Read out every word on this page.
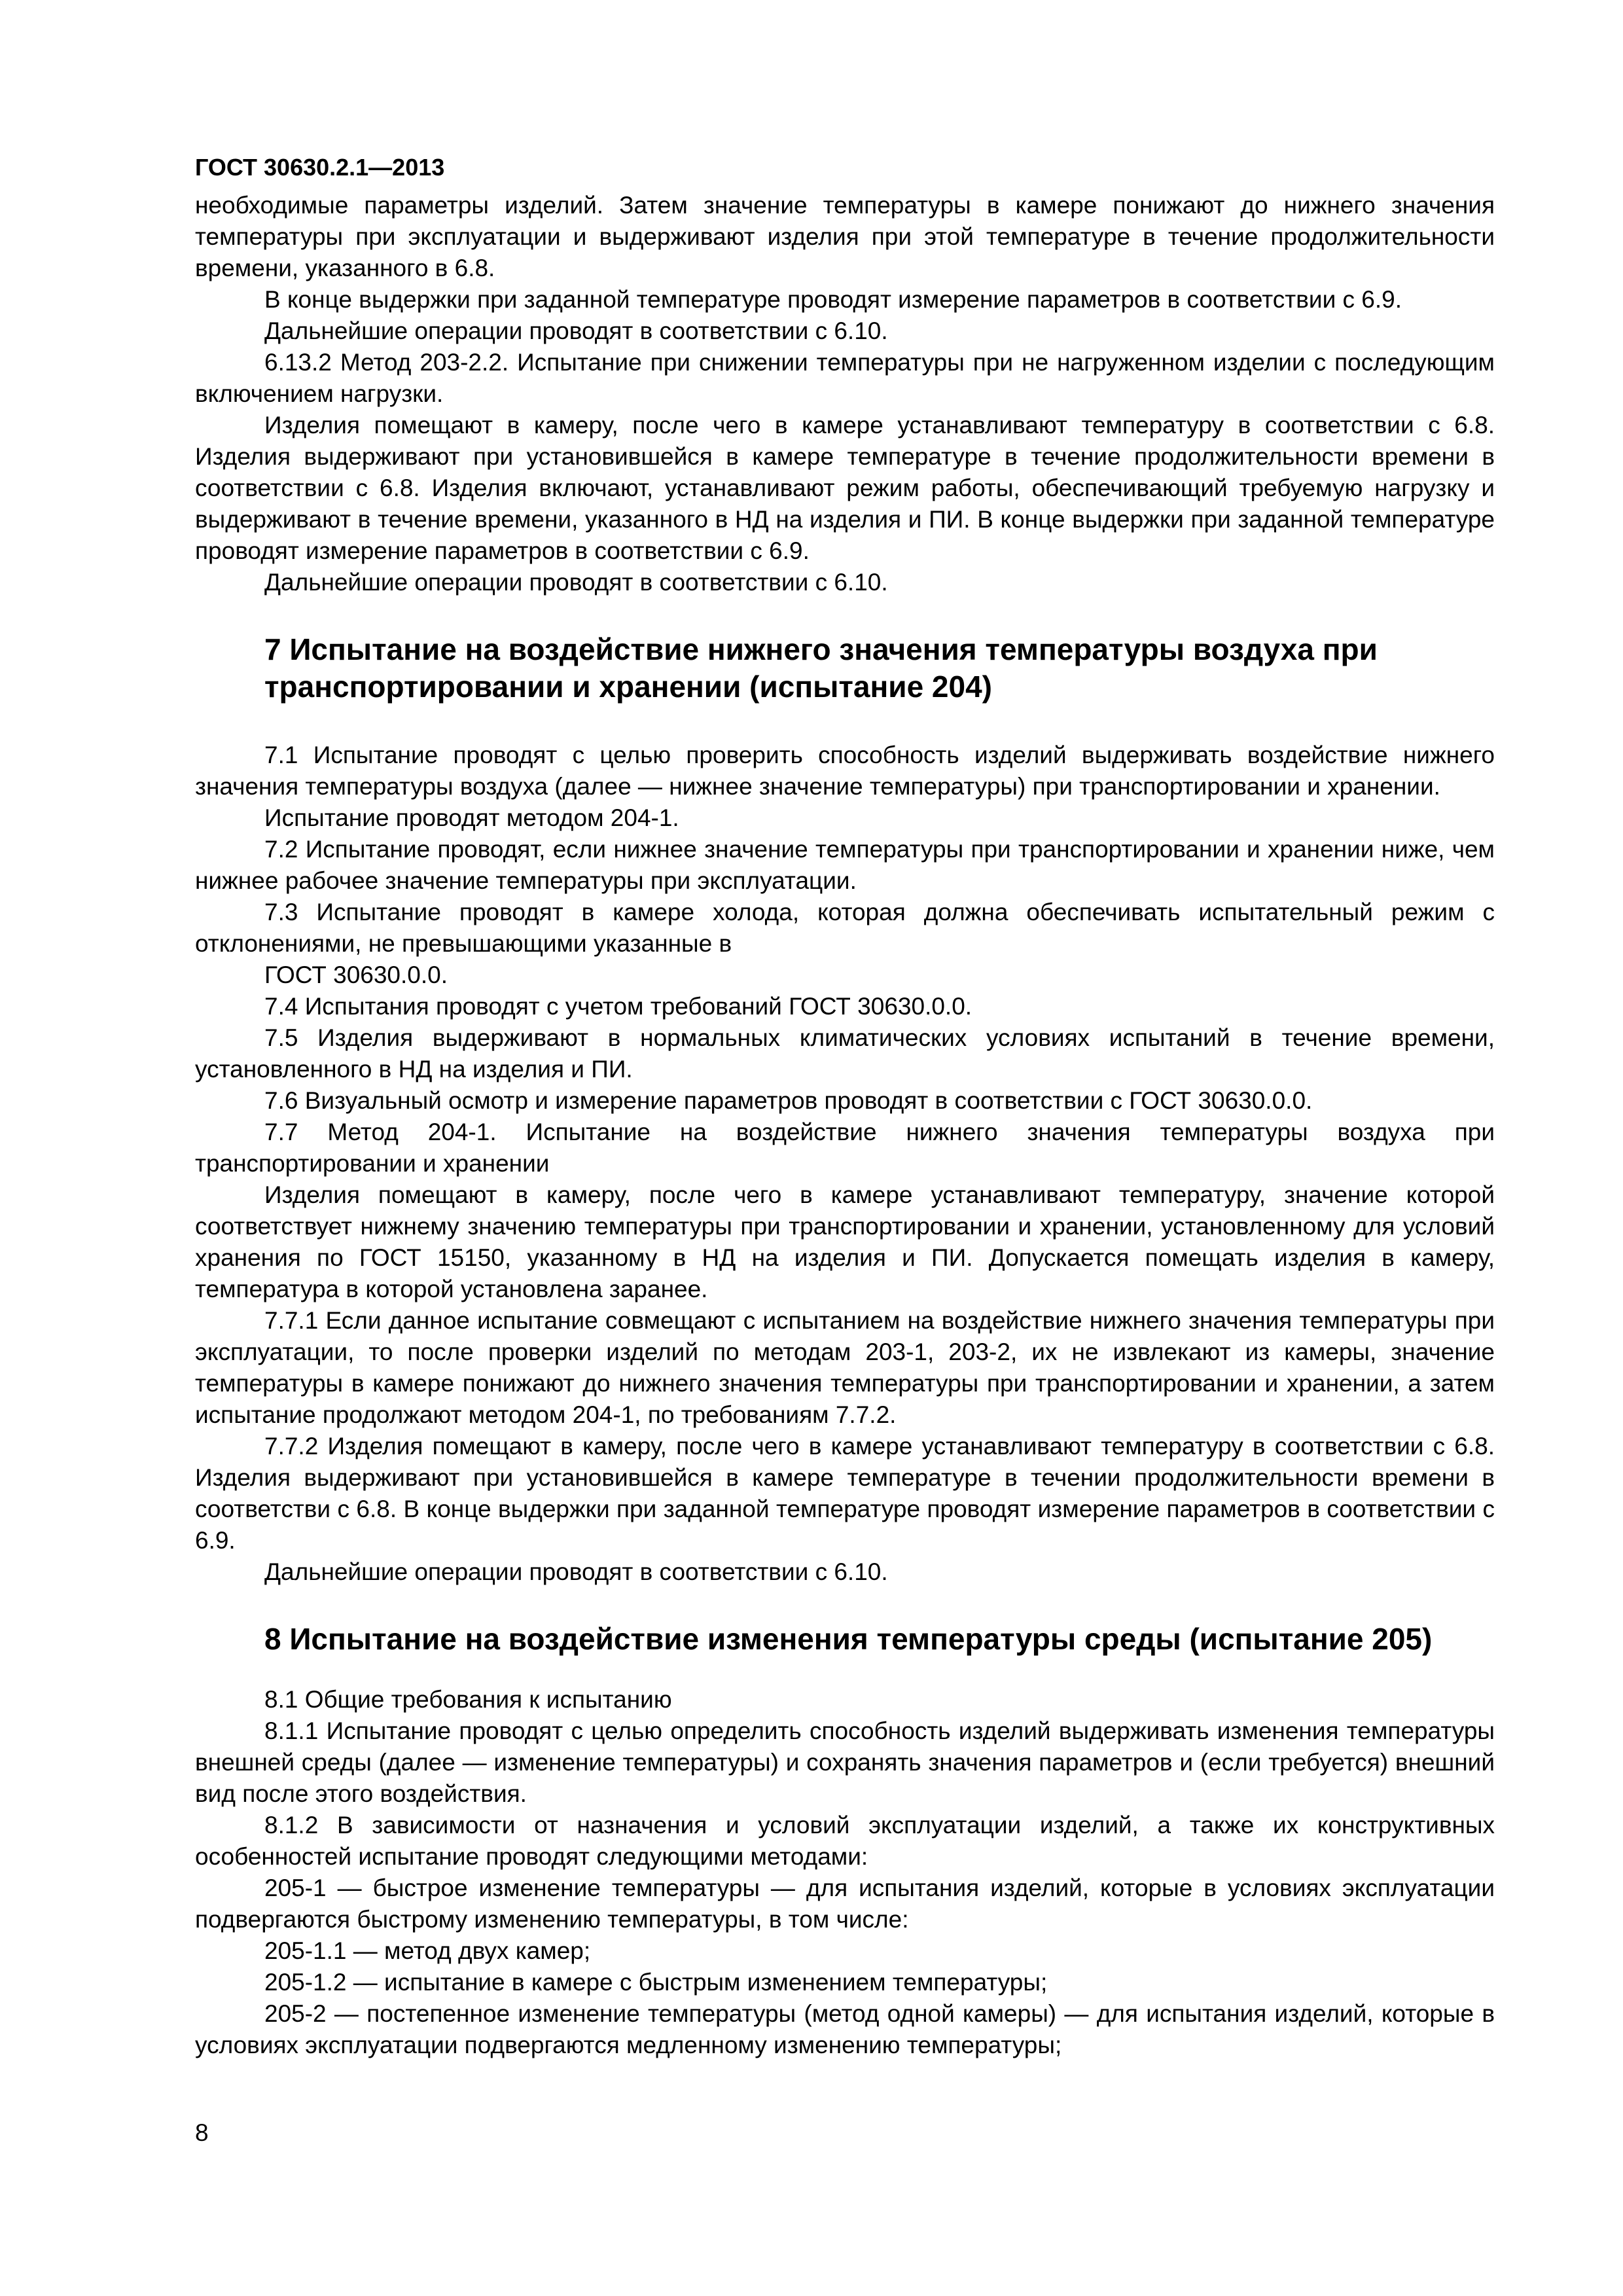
ГОСТ 30630.2.1—2013

необходимые параметры изделий. Затем значение температуры в камере понижают до нижнего значения температуры при эксплуатации и выдерживают изделия при этой температуре в течение продолжительности времени, указанного в 6.8.

В конце выдержки при заданной температуре проводят измерение параметров в соответствии с 6.9.

Дальнейшие операции проводят в соответствии с 6.10.

6.13.2 Метод 203-2.2. Испытание при снижении температуры при не нагруженном изделии с последующим включением нагрузки.

Изделия помещают в камеру, после чего в камере устанавливают температуру в соответствии с 6.8. Изделия выдерживают при установившейся в камере температуре в течение продолжительности времени в соответствии с 6.8. Изделия включают, устанавливают режим работы, обеспечивающий требуемую нагрузку и выдерживают в течение времени, указанного в НД на изделия и ПИ. В конце выдержки при заданной температуре проводят измерение параметров в соответствии с 6.9.

Дальнейшие операции проводят в соответствии с 6.10.

7 Испытание на воздействие нижнего значения температуры воздуха при транспортировании и хранении (испытание 204)

7.1 Испытание проводят с целью проверить способность изделий выдерживать воздействие нижнего значения температуры воздуха (далее — нижнее значение температуры) при транспортировании и хранении.

Испытание проводят методом 204-1.

7.2 Испытание проводят, если нижнее значение температуры при транспортировании и хранении ниже, чем нижнее рабочее значение температуры при эксплуатации.

7.3 Испытание проводят в камере холода, которая должна обеспечивать испытательный режим с отклонениями, не превышающими указанные в

ГОСТ 30630.0.0.

7.4 Испытания проводят с учетом требований ГОСТ 30630.0.0.

7.5 Изделия выдерживают в нормальных климатических условиях испытаний в течение времени, установленного в НД на изделия и ПИ.

7.6 Визуальный осмотр и измерение параметров проводят в соответствии с ГОСТ 30630.0.0.

7.7 Метод 204-1. Испытание на воздействие нижнего значения температуры воздуха при транспортировании и хранении

Изделия помещают в камеру, после чего в камере устанавливают температуру, значение которой соответствует нижнему значению температуры при транспортировании и хранении, установленному для условий хранения по ГОСТ 15150, указанному в НД на изделия и ПИ. Допускается помещать изделия в камеру, температура в которой установлена заранее.

7.7.1 Если данное испытание совмещают с испытанием на воздействие нижнего значения температуры при эксплуатации, то после проверки изделий по методам 203-1, 203-2, их не извлекают из камеры, значение температуры в камере понижают до нижнего значения температуры при транспортировании и хранении, а затем испытание продолжают методом 204-1, по требованиям 7.7.2.

7.7.2 Изделия помещают в камеру, после чего в камере устанавливают температуру в соответствии с 6.8. Изделия выдерживают при установившейся в камере температуре в течении продолжительности времени в соответстви с 6.8. В конце выдержки при заданной температуре проводят измерение параметров в соответствии с 6.9.

Дальнейшие операции проводят в соответствии с 6.10.

8 Испытание на воздействие изменения температуры среды (испытание 205)

8.1 Общие требования к испытанию

8.1.1 Испытание проводят с целью определить способность изделий выдерживать изменения температуры внешней среды (далее — изменение температуры) и сохранять значения параметров и (если требуется) внешний вид после этого воздействия.

8.1.2 В зависимости от назначения и условий эксплуатации изделий, а также их конструктивных особенностей испытание проводят следующими методами:

205-1 — быстрое изменение температуры — для испытания изделий, которые в условиях эксплуатации подвергаются быстрому изменению температуры, в том числе:

205-1.1 — метод двух камер;

205-1.2 — испытание в камере с быстрым изменением температуры;

205-2 — постепенное изменение температуры (метод одной камеры) — для испытания изделий, которые в условиях эксплуатации подвергаются медленному изменению температуры;

8
